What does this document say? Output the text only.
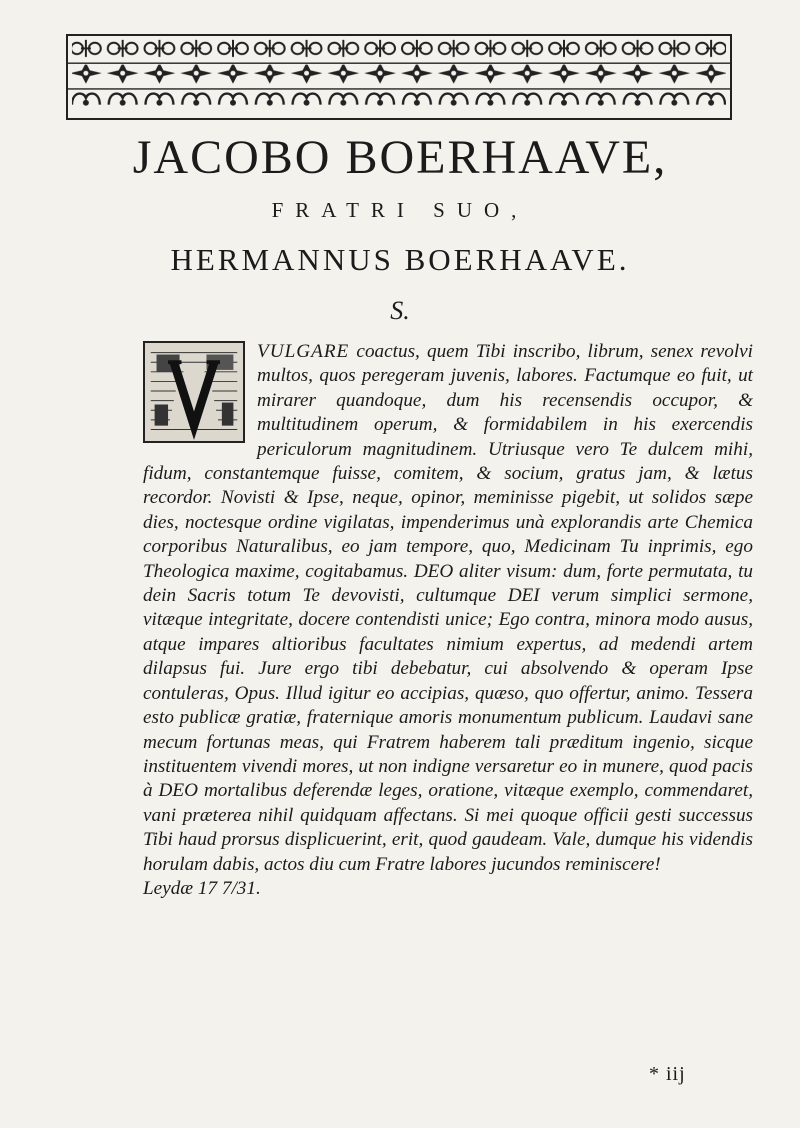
JACOBO BOERHAAVE,
FRATRI SUO,
HERMANNUS BOERHAAVE.
S.

VULGARE coactus, quem Tibi inscribo, librum, senex revolvi multos, quos peregeram juvenis, labores. Factumque eo fuit, ut mirarer quandoque, dum his recensendis occupor, & multitudinem operum, & formidabilem in his exercendis periculorum magnitudinem. Utriusque vero Te dulcem mihi, fidum, constantemque fuisse, comitem, & socium, gratus jam, & lætus recordor. Novisti & Ipse, neque, opinor, meminisse pigebit, ut solidos sæpe dies, noctesque ordine vigilatas, impenderimus unà explorandis arte Chemica corporibus Naturalibus, eo jam tempore, quo, Medicinam Tu inprimis, ego Theologica maxime, cogitabamus. DEO aliter visum: dum, forte permutata, tu dein Sacris totum Te devovisti, cultumque DEI verum simplici sermone, vitæque integritate, docere contendisti unice; Ego contra, minora modo ausus, atque impares altioribus facultates nimium expertus, ad medendi artem dilapsus fui. Jure ergo tibi debebatur, cui absolvendo & operam Ipse contuleras, Opus. Illud igitur eo accipias, quæso, quo offertur, animo. Tessera esto publicæ gratiæ, fraternique amoris monumentum publicum. Laudavi sane mecum fortunas meas, qui Fratrem haberem tali præditum ingenio, sicque instituentem vivendi mores, ut non indigne versaretur eo in munere, quod pacis à DEO mortalibus deferendæ leges, oratione, vitæque exemplo, commendaret, vani præterea nihil quidquam affectans. Si mei quoque officii gesti successus Tibi haud prorsus displicuerint, erit, quod gaudeam. Vale, dumque his videndis horulam dabis, actos diu cum Fratre labores jucundos reminiscere!
Leydæ 17 7/31.

* iij
